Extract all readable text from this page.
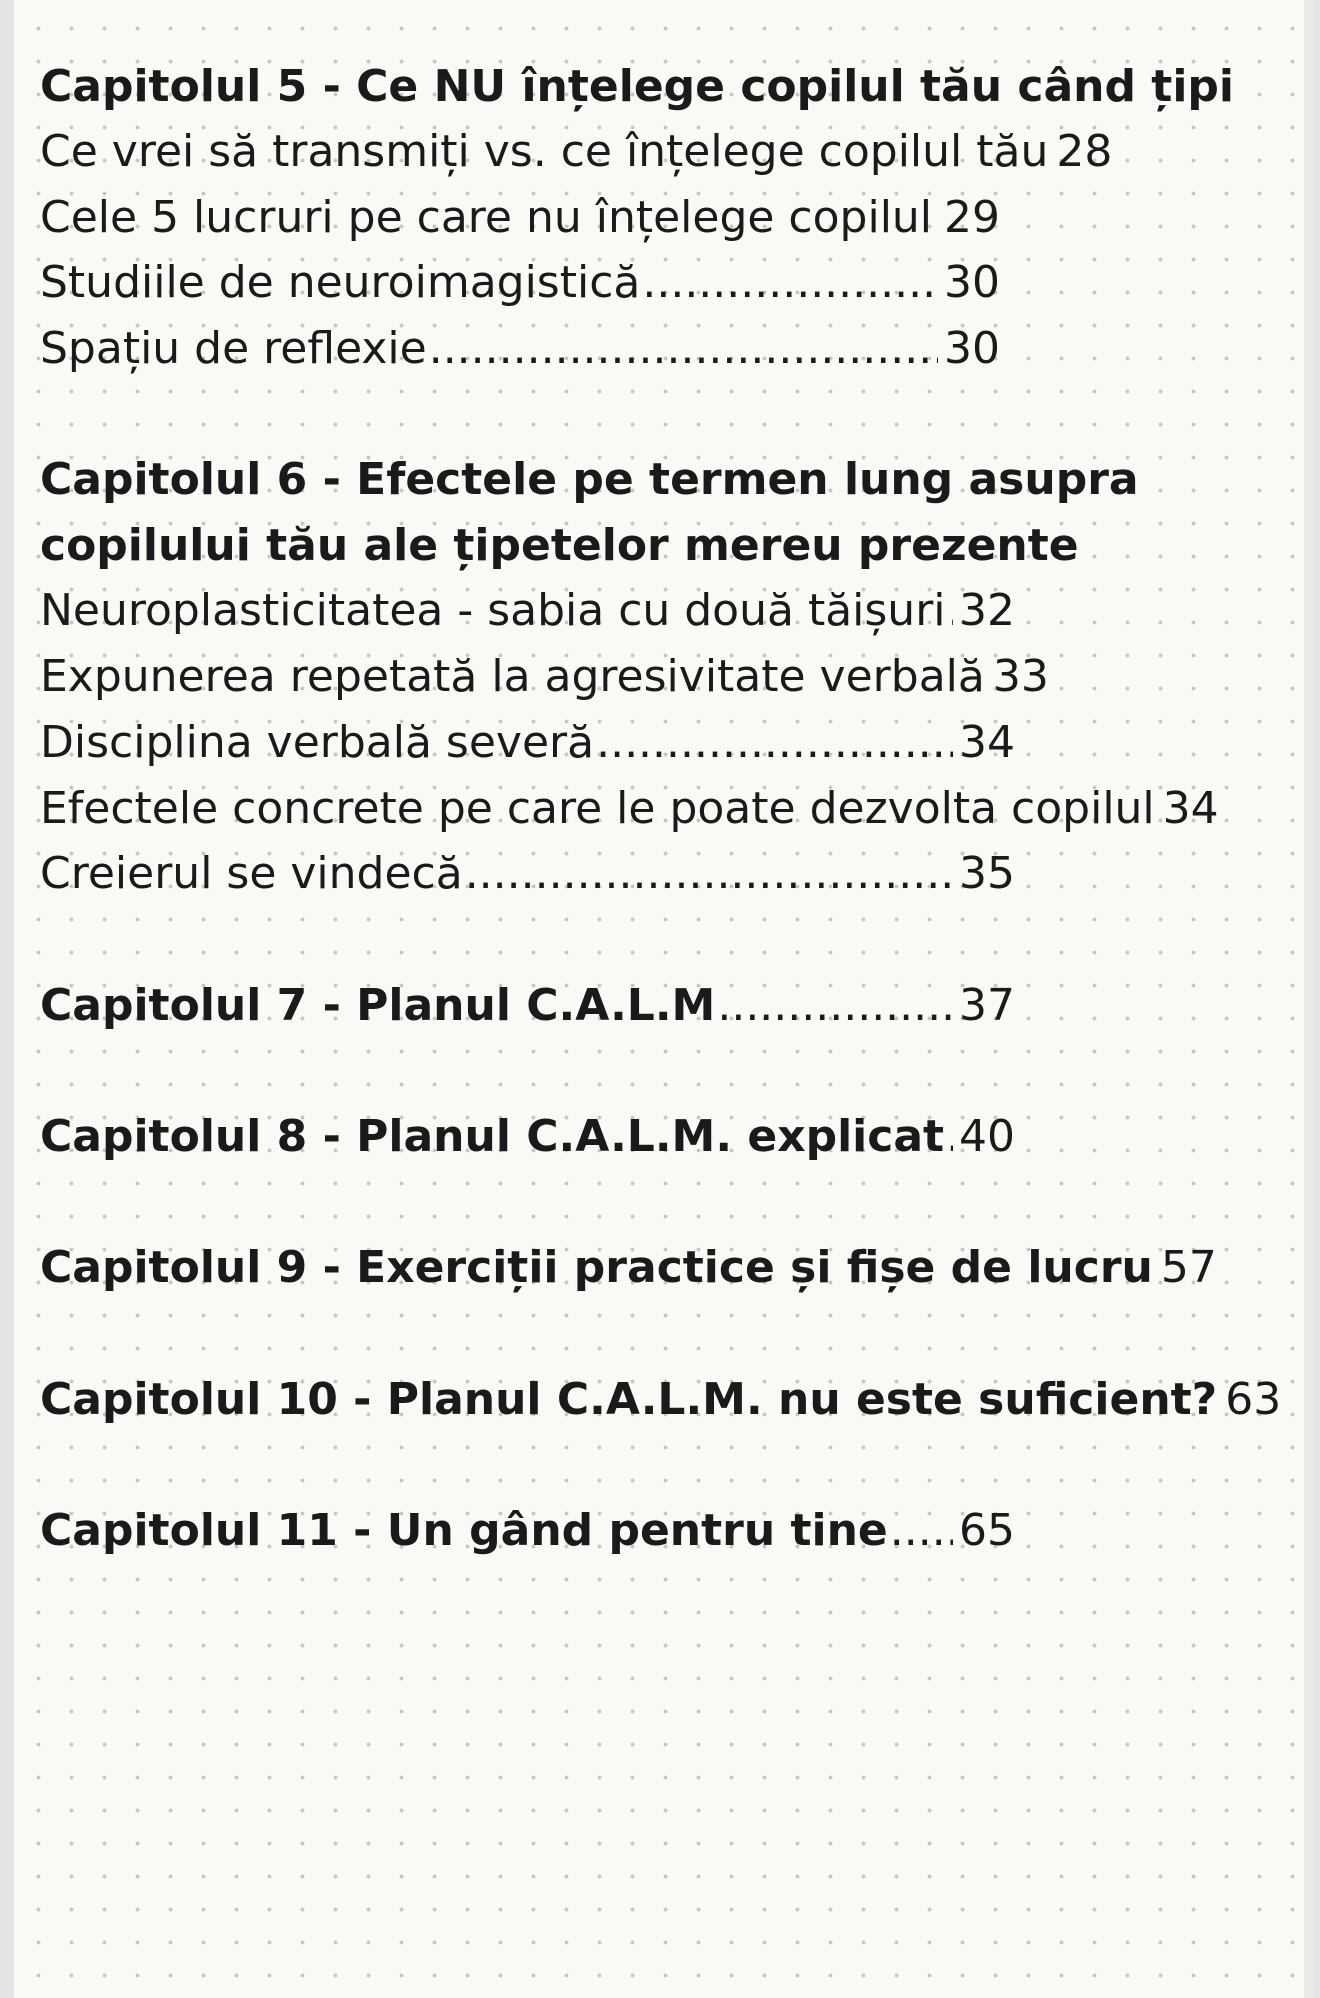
Capitolul 5 - Ce NU înțelege copilul tău când țipi
Ce vrei să transmiți vs. ce înțelege copilul tău 28
Cele 5 lucruri pe care nu înțelege copilul ..... 29
Studiile de neuroimagistică .....	30
Spațiu de reflexie .....	30
Capitolul 6 - Efectele pe termen lung asupra
copilului tău ale țipetelor mereu prezente
Neuroplasticitatea - sabia cu două tăișuri ..... 32
Expunerea repetată la agresivitate verbală 33
Disciplina verbală severă .....	34
Efectele concrete pe care le poate dezvolta copilul 34
Creierul se vindecă .....	35
Capitolul 7 - Planul C.A.L.M .....	37
Capitolul 8 - Planul C.A.L.M. explicat ..... 40
Capitolul 9 - Exerciții practice și fișe de lucru 57
Capitolul 10 - Planul C.A.L.M. nu este suficient? 63
Capitolul 11 - Un gând pentru tine ..... 65
